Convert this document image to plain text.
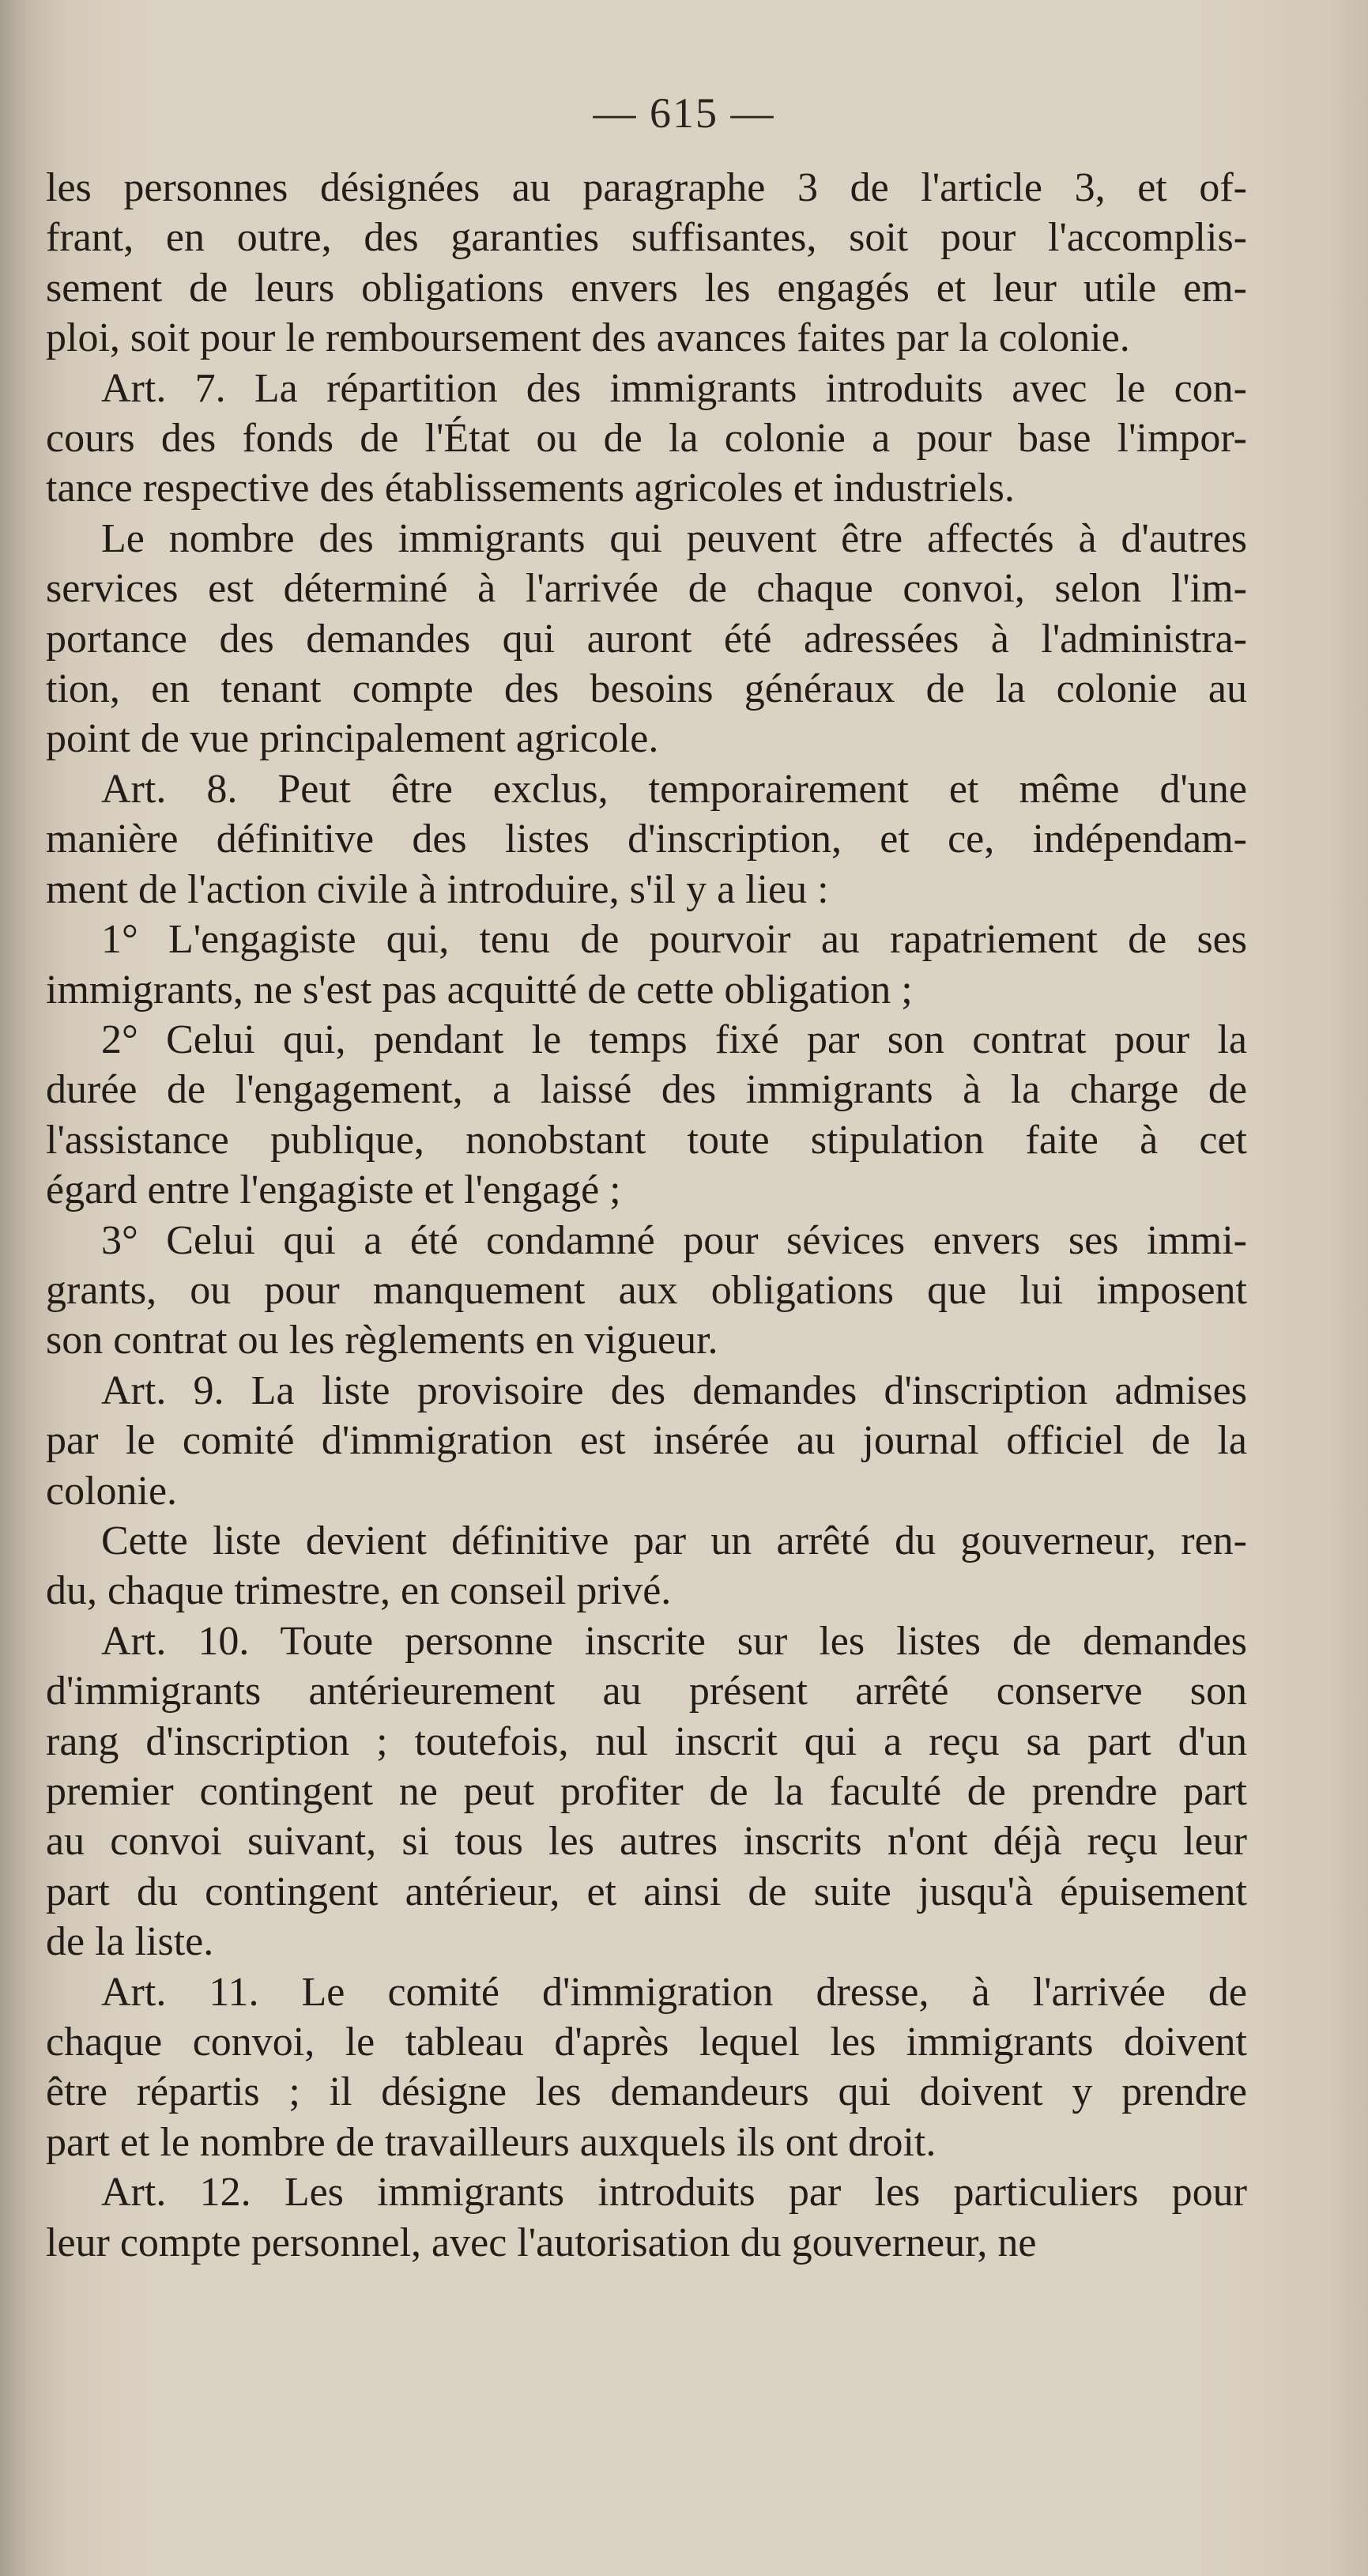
— 615 —
les personnes désignées au paragraphe 3 de l'article 3, et of-
frant, en outre, des garanties suffisantes, soit pour l'accomplis-
sement de leurs obligations envers les engagés et leur utile em-
ploi, soit pour le remboursement des avances faites par la colonie.
Art. 7. La répartition des immigrants introduits avec le con-
cours des fonds de l'État ou de la colonie a pour base l'impor-
tance respective des établissements agricoles et industriels.
Le nombre des immigrants qui peuvent être affectés à d'autres
services est déterminé à l'arrivée de chaque convoi, selon l'im-
portance des demandes qui auront été adressées à l'administra-
tion, en tenant compte des besoins généraux de la colonie au
point de vue principalement agricole.
Art. 8. Peut être exclus, temporairement et même d'une
manière définitive des listes d'inscription, et ce, indépendam-
ment de l'action civile à introduire, s'il y a lieu :
1° L'engagiste qui, tenu de pourvoir au rapatriement de ses
immigrants, ne s'est pas acquitté de cette obligation ;
2° Celui qui, pendant le temps fixé par son contrat pour la
durée de l'engagement, a laissé des immigrants à la charge de
l'assistance publique, nonobstant toute stipulation faite à cet
égard entre l'engagiste et l'engagé ;
3° Celui qui a été condamné pour sévices envers ses immi-
grants, ou pour manquement aux obligations que lui imposent
son contrat ou les règlements en vigueur.
Art. 9. La liste provisoire des demandes d'inscription admises
par le comité d'immigration est insérée au journal officiel de la
colonie.
Cette liste devient définitive par un arrêté du gouverneur, ren-
du, chaque trimestre, en conseil privé.
Art. 10. Toute personne inscrite sur les listes de demandes
d'immigrants antérieurement au présent arrêté conserve son
rang d'inscription ; toutefois, nul inscrit qui a reçu sa part d'un
premier contingent ne peut profiter de la faculté de prendre part
au convoi suivant, si tous les autres inscrits n'ont déjà reçu leur
part du contingent antérieur, et ainsi de suite jusqu'à épuisement
de la liste.
Art. 11. Le comité d'immigration dresse, à l'arrivée de
chaque convoi, le tableau d'après lequel les immigrants doivent
être répartis ; il désigne les demandeurs qui doivent y prendre
part et le nombre de travailleurs auxquels ils ont droit.
Art. 12. Les immigrants introduits par les particuliers pour
leur compte personnel, avec l'autorisation du gouverneur, ne
